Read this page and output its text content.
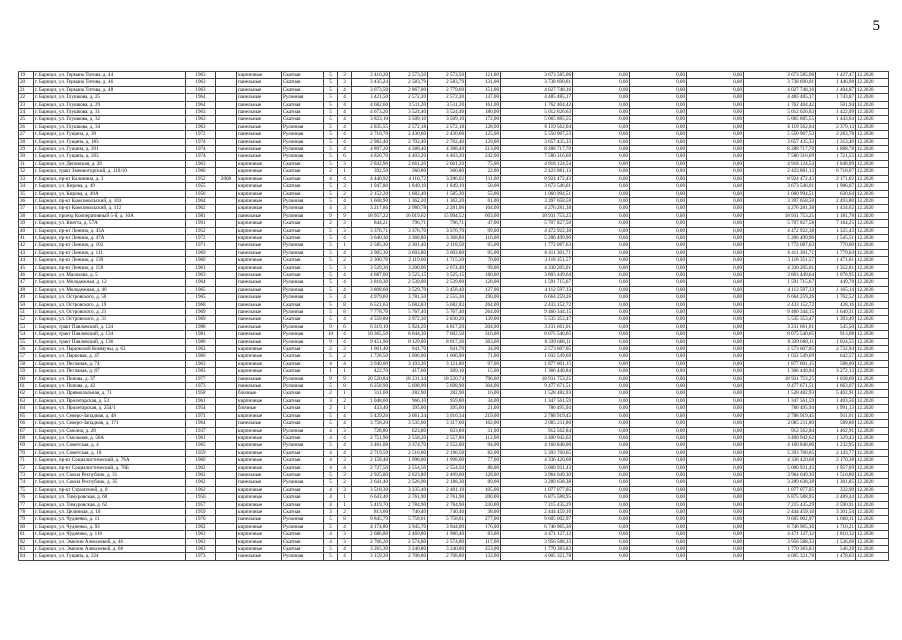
5
19	г. Барнаул, ул. Германа Титова, д. 44	1963		кирпичные	Скатная	5	3	3 410,20	2 573,50	2 573,50	121,00	3 673 585,06	0,00	0,00	0,00	3 673 585,06	1 427,47	12.2020
20	г. Барнаул, ул. Германа Титова, д. 46	1963		панельные	Скатная	5	3	3 435,24	2 583,79	2 583,79	131,00	3 738 690,01	0,00	0,00	0,00	3 738 690,01	1 446,98	12.2020
21	г. Барнаул, ул. Германа Титова, д. 48	1963		панельные	Скатная	5	4	3 073,50	2 867,00	2 779,60	151,00	4 027 748,16	0,00	0,00	0,00	4 027 748,16	1 404,87	12.2020
22	г. Барнаул, ул. Глушкова, д. 25	1964		панельные	Рулонная	5	4	3 421,50	2 572,20	2 572,20	137,00	4 485 485,17	0,00	0,00	0,00	4 485 485,17	1 743,87	12.2020
23	г. Барнаул, ул. Глушкова, д. 29	1964		панельные	Скатная	5	4	4 682,60	3 511,20	3 511,20	161,00	1 762 404,42	0,00	0,00	0,00	1 762 404,42	501,94	12.2020
24	г. Барнаул, ул. Глушкова, д. 31	1963		панельные	Скатная	5	4	4 673,20	3 524,40	3 524,40	180,00	5 012 026,63	0,00	0,00	0,00	5 012 026,63	1 422,09	12.2020
25	г. Барнаул, ул. Глушкова, д. 32	1963		панельные	Скатная	5	4	3 823,10	3 509,10	3 509,10	172,00	5 065 885,55	0,00	0,00	0,00	5 065 885,55	1 443,64	12.2020
26	г. Барнаул, ул. Глушкова, д. 34	1963		панельные	Рулонная	5	4	2 835,55	2 572,18	2 572,18	128,00	6 119 562,04	0,00	0,00	0,00	6 119 562,04	2 379,13	12.2020
27	г. Барнаул, ул. Гущина, д. 39	1972		панельные	Рулонная	5	4	2 710,70	2 430,60	2 430,60	125,00	5 550 967,53	0,00	0,00	0,00	5 550 967,53	2 283,78	12.2020
28	г. Барнаул, ул. Гущина, д. 183	1974		панельные	Рулонная	5	4	2 982,40	2 702,40	2 702,40	129,00	3 657 435,33	0,00	0,00	0,00	3 657 435,33	1 353,40	12.2020
29	г. Барнаул, ул. Гущина, д. 201	1974		панельные	Рулонная	5	4	4 807,20	4 388,40	4 388,40	213,00	8 288 717,70	0,00	0,00	0,00	8 288 717,70	1 888,78	12.2020
30	г. Барнаул, ул. Гущина, д. 203	1974		панельные	Рулонная	5	6	4 820,70	4 403,20	4 403,20	242,00	7 580 316,69	0,00	0,00	0,00	7 580 316,69	1 721,55	12.2020
31	г. Барнаул, ул. Деповская, д. 28	1963		кирпичные	Скатная	5	3	2 842,96	2 661,20	2 661,20	75,00	4 918 124,54	0,00	0,00	0,00	4 918 124,54	1 848,09	12.2020
32	г. Барнаул, тракт Змеиногорский, д. 110/10	1960		кирпичные	Скатная	2	1	392,50	360,80	360,80	22,00	2 423 881,13	0,00	0,00	0,00	2 423 881,13	6 718,07	12.2020
33	г. Барнаул, пр-кт Калинина, д. 3	1952	2008	кирпичные	Скатная	4	4	4 440,92	4 110,72	3 286,92	111,00	8 924 472,43	0,00	0,00	0,00	8 924 472,43	2 171,02	12.2020
34	г. Барнаул, ул. Кирова, д. 49	1955		кирпичные	Скатная	5	3	1 947,80	1 849,10	1 849,10	58,00	3 673 546,01	0,00	0,00	0,00	3 673 546,01	1 986,67	12.2020
35	г. Барнаул, ул. Кирова, д. 49А	1956		кирпичные	Скатная	5	2	2 152,20	1 682,40	1 585,30	55,00	1 060 994,51	0,00	0,00	0,00	1 060 994,51	630,64	12.2020
36	г. Барнаул, пр-кт Комсомольский, д. 103	1964		кирпичные	Рулонная	5	4	1 608,90	1 362,20	1 362,20	61,00	3 397 658,58	0,00	0,00	0,00	3 397 658,58	2 493,80	12.2020
37	г. Барнаул, пр-кт Комсомольский, д. 112	1962		кирпичные	Рулонная	4	3	3 217,86	2 980,78	2 281,06	104,00	4 276 281,38	0,00	0,00	0,00	4 276 281,38	1 434,62	12.2020
38	г. Барнаул, проезд Кооперативный 5-й, д. 10А	1981		панельные	Рулонная	9	9	18 957,22	16 019,62	15 994,52	603,00	18 931 753,25	0,00	0,00	0,00	18 931 753,25	1 181,78	12.2020
39	г. Барнаул, ул. Кнегта, д. 57А	1991		кирпичные	Скатная	2	3	844,21	796,71	796,71	47,00	5 707 827,58	0,00	0,00	0,00	5 707 827,58	7 164,25	12.2020
40	г. Барнаул, пр-кт Ленина, д. 43А	1952		кирпичные	Скатная	5	3	3 376,71	3 376,70	3 376,70	99,00	4 472 922,38	0,00	0,00	0,00	4 472 922,38	1 325,43	12.2020
41	г. Барнаул, пр-кт Ленина, д. 47А	1972		кирпичные	Скатная	5	4	3 640,30	3 368,80	3 368,80	116,00	5 206 499,96	0,00	0,00	0,00	5 206 499,96	1 545,51	12.2020
42	г. Барнаул, пр-кт Ленина, д. 102	1971		панельные	Рулонная	5	1	2 585,30	2 301,40	2 118,50	65,00	1 772 087,63	0,00	0,00	0,00	1 772 087,63	770,00	12.2020
43	г. Барнаул, пр-кт Ленина, д. 111	1969		панельные	Рулонная	5	4	3 905,30	3 603,80	3 603,80	95,00	6 411 301,71	0,00	0,00	0,00	6 411 301,71	1 779,04	12.2020
44	г. Барнаул, пр-кт Ленина, д. 139	1960		кирпичные	Скатная	5	2	2 300,76	2 119,00	1 715,20	70,00	3 118 351,57	0,00	0,00	0,00	3 118 351,57	1 471,61	12.2020
45	г. Барнаул, пр-кт Ленина, д. 159	1961		кирпичные	Скатная	5	3	3 529,30	3 200,90	2 674,40	99,00	4 330 205,01	0,00	0,00	0,00	4 330 205,01	1 352,81	12.2020
46	г. Барнаул, ул. Малахова, д. 5	1963		панельные	Скатная	5	4	4 687,00	3 525,15	3 525,15	180,00	3 803 449,64	0,00	0,00	0,00	3 803 449,64	1 078,95	12.2020
47	г. Барнаул, ул. Молодежная, д. 12	1964		панельные	Рулонная	5	4	2 818,30	2 539,00	2 539,00	128,00	1 591 715,67	0,00	0,00	0,00	1 591 715,67	449,70	12.2020
48	г. Барнаул, ул. Молодежная, д. 46	1965		панельные	Рулонная	5	4	3 808,60	3 529,70	3 458,40	127,00	4 112 597,33	0,00	0,00	0,00	4 112 597,33	1 165,14	12.2020
49	г. Барнаул, ул. Островского, д. 50	1965		панельные	Рулонная	5	4	4 979,60	3 781,50	2 555,30	190,00	6 664 259,26	0,00	0,00	0,00	6 664 259,26	1 762,52	12.2020
50	г. Барнаул, ул. Островского, д. 19	1968		панельные	Скатная	5	8	6 521,63	5 682,83	5 682,83	264,00	2 433 152,72	0,00	0,00	0,00	2 433 152,72	428,16	12.2020
51	г. Барнаул, ул. Островского, д. 21	1969		панельные	Рулонная	5	8	7 778,70	5 767,40	5 767,40	264,00	9 460 344,15	0,00	0,00	0,00	9 460 344,15	1 640,31	12.2020
52	г. Барнаул, ул. Островского, д. 31	1969		панельные	Скатная	5	4	4 559,80	3 972,30	2 830,20	139,00	5 535 353,47	0,00	0,00	0,00	5 535 353,47	1 393,49	12.2020
53	г. Барнаул, тракт Павловский, д. 124	1988		панельные	Рулонная	9	6	6 319,10	5 924,20	4 817,20	204,00	3 231 661,01	0,00	0,00	0,00	3 231 661,01	545,50	12.2020
54	г. Барнаул, тракт Павловский, д. 134	1981		панельные	Рулонная	10	4	10 365,50	8 844,30	7 602,50	316,00	8 075 540,65	0,00	0,00	0,00	8 075 540,65	913,08	12.2020
55	г. Барнаул, тракт Павловский, д. 136	1980		панельные	Рулонная	9	4	9 451,90	8 129,80	8 017,30	363,00	8 339 668,11	0,00	0,00	0,00	8 339 668,11	1 024,55	12.2020
56	г. Барнаул, ул. Парижской Коммуны, д. 62	1962		кирпичные	Скатная	2	2	1 001,40	941,70	941,70	34,00	2 573 607,05	0,00	0,00	0,00	2 573 607,05	2 732,94	12.2020
57	г. Барнаул, ул. Парковая, д. 47	1966		кирпичные	Скатная	5	2	1 728,50	1 606,90	1 606,90	71,00	1 032 549,69	0,00	0,00	0,00	1 032 549,69	642,57	12.2020
58	г. Барнаул, ул. Песчаная, д. 74	1963		кирпичные	Скатная	4	4	3 940,00	3 193,30	3 121,80	97,00	1 877 601,15	0,00	0,00	0,00	1 877 601,15	588,00	12.2020
59	г. Барнаул, ул. Песчаная, д. 87	1983		кирпичные	Скатная	1	1	422,70	417,60	309,10	15,00	1 366 440,84	0,00	0,00	0,00	1 366 440,84	3 272,13	12.2020
60	г. Барнаул, ул. Попова, д. 37	1977		панельные	Рулонная	9	9	20 520,84	18 231,34	18 220,74	796,00	18 931 753,25	0,00	0,00	0,00	18 931 753,25	1 038,09	12.2020
61	г. Барнаул, ул. Попова, д. 42	1973		панельные	Рулонная	5	8	6 258,90	5 698,90	5 698,90	304,00	9 477 671,51	0,00	0,00	0,00	9 477 671,51	1 663,07	12.2020
62	г. Барнаул, ул. Привокзальная, д. 71	1958		блочные	Скатная	2	1	311,60	282,90	282,90	16,00	1 528 482,93	0,00	0,00	0,00	1 528 482,93	5 402,91	12.2020
63	г. Барнаул, ул. Пролетарская, д. 53	1961		кирпичные	Скатная	3	2	1 048,60	966,10	959,80	34,00	1 347 561,59	0,00	0,00	0,00	1 347 561,59	1 403,56	12.2020
64	г. Барнаул, ул. Пролетарская, д. 254/1	1954		блочные	Скатная	2	1	433,40	395,00	395,00	21,00	786 495,94	0,00	0,00	0,00	786 495,94	1 991,13	12.2020
65	г. Барнаул, ул. Северо-Западная, д. 48	1971		кирпичные	Скатная	5	4	5 429,20	3 061,34	3 016,34	219,00	2 788 919,45	0,00	0,00	0,00	2 788 919,45	911,01	12.2020
66	г. Барнаул, ул. Северо-Западная, д. 171	1964		панельные	Скатная	5	4	3 758,20	3 535,00	3 317,60	162,00	2 085 211,80	0,00	0,00	0,00	2 085 211,80	589,88	12.2020
67	г. Барнаул, ул. Смолна, д. 28	1937		кирпичные	Рулонная	4	3	728,80	623,80	623,80	31,00	912 562,84	0,00	0,00	0,00	912 562,84	1 462,91	12.2020
68	г. Барнаул, ул. Смольная, д. 50А	1961		кирпичные	Скатная	4	4	2 751,90	2 558,20	2 557,80	112,00	3 400 942,62	0,00	0,00	0,00	3 400 942,62	1 329,43	12.2020
69	г. Барнаул, ул. Советская, д. 4	1965		кирпичные	Рулонная	5	4	3 401,08	3 374,70	2 552,00	94,00	4 160 848,06	0,00	0,00	0,00	4 160 848,06	1 232,95	12.2020
70	г. Барнаул, ул. Советская, д. 10	1959		кирпичные	Скатная	4	4	2 719,50	2 516,00	2 196,50	82,00	5 393 760,65	0,00	0,00	0,00	5 393 760,65	2 143,77	12.2020
71	г. Барнаул, пр-кт Социалистический, д. 76А	1960		кирпичные	Скатная	4	3	2 158,40	1 998,00	1 998,00	77,00	4 336 420,68	0,00	0,00	0,00	4 336 420,68	2 170,38	12.2020
72	г. Барнаул, пр-кт Социалистический, д. 76Б	1962		кирпичные	Скатная	4	4	2 727,50	2 554,50	2 554,50	88,00	5 000 931,43	0,00	0,00	0,00	5 000 931,43	1 957,69	12.2020
73	г. Барнаул, ул. Союза Республик, д. 31	1962		панельные	Скатная	5	3	2 925,80	2 623,80	2 409,00	128,00	3 964 049,30	0,00	0,00	0,00	3 964 049,30	1 510,80	12.2020
74	г. Барнаул, ул. Союза Республик, д. 35	1962		панельные	Рулонная	5	2	2 641,40	2 526,90	2 188,30	89,00	3 289 638,38	0,00	0,00	0,00	3 289 638,38	1 301,85	12.2020
75	г. Барнаул, пр-кт Строителей, д. 8	1962		кирпичные	Скатная	4	3	3 518,30	3 235,40	2 481,10	105,00	1 077 077,05	0,00	0,00	0,00	1 077 077,05	332,90	12.2020
76	г. Барнаул, ул. Тимуровская, д. 60	1956		кирпичные	Скатная	4	1	6 643,40	2 761,90	2 761,90	200,00	6 875 588,95	0,00	0,00	0,00	6 875 588,95	2 489,44	12.2020
77	г. Барнаул, ул. Тимуровская, д. 62	1957		кирпичные	Скатная	4	1	5 419,70	2 784,90	2 784,90	230,00	7 215 435,29	0,00	0,00	0,00	7 215 435,29	2 590,91	12.2020
78	г. Барнаул, ул. Целинная, д. 10	1959		кирпичные	Скатная	3	2	813,00	740,40	740,40	38,00	2 444 459,10	0,00	0,00	0,00	2 444 459,10	3 301,54	12.2020
79	г. Барнаул, ул. Чудненко, д. 11	1970		панельные	Рулонная	5	8	9 845,79	5 758,01	5 758,01	277,00	9 605 002,97	0,00	0,00	0,00	9 605 002,97	1 668,11	12.2020
80	г. Барнаул, ул. Чудненко, д. 93	1962		кирпичные	Рулонная	5	4	4 174,80	3 945,70	3 944,00	176,00	6 746 965,36	0,00	0,00	0,00	6 746 965,36	1 710,21	12.2020
81	г. Барнаул, ул. Чудненко, д. 116	1963		кирпичные	Скатная	4	3	2 686,80	2 469,80	1 986,40	83,00	4 471 127,12	0,00	0,00	0,00	4 471 127,12	1 810,32	12.2020
82	г. Барнаул, ул. Эмилии Алексеевой, д. 46	1963		кирпичные	Скатная	4	3	2 766,20	2 574,80	2 574,80	117,00	3 956 588,33	0,00	0,00	0,00	3 956 588,33	1 536,66	12.2020
83	г. Барнаул, ул. Эмилии Алексеевой, д. 68	1963		кирпичные	Скатная	5	4	3 265,39	3 240,80	3 240,80	253,00	1 770 383,83	0,00	0,00	0,00	1 770 383,83	546,28	12.2020
84	г. Барнаул, ул. Гущина, д. 224	1973		панельные	Рулонная	5	4	3 159,20	2 708,80	2 708,80	132,00	4 005 321,78	0,00	0,00	0,00	4 005 321,78	1 478,63	12.2020
